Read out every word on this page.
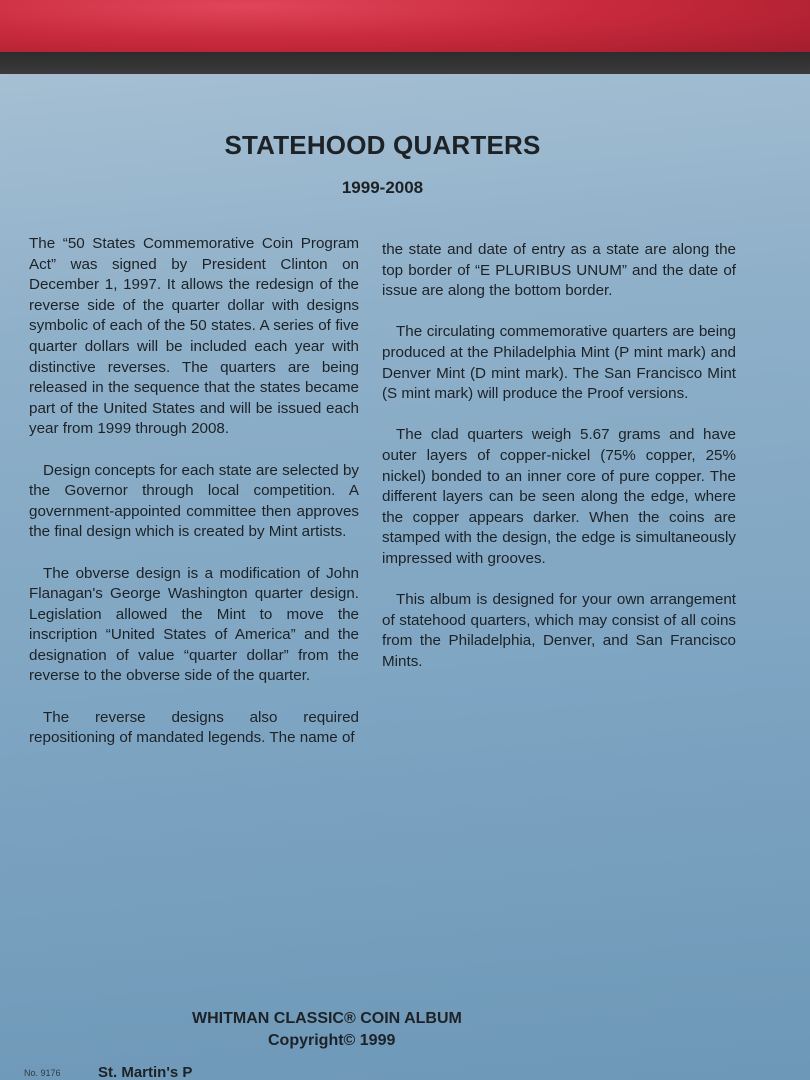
STATEHOOD QUARTERS
1999-2008

The “50 States Commemorative Coin Program Act” was signed by President Clinton on December 1, 1997. It allows the redesign of the reverse side of the quarter dollar with designs symbolic of each of the 50 states. A series of five quarter dollars will be included each year with distinctive reverses. The quarters are being released in the sequence that the states became part of the United States and will be issued each year from 1999 through 2008.

Design concepts for each state are selected by the Governor through local competition. A government-appointed committee then approves the final design which is created by Mint artists.

The obverse design is a modification of John Flanagan's George Washington quarter design. Legislation allowed the Mint to move the inscription “United States of America” and the designation of value “quarter dollar” from the reverse to the obverse side of the quarter.

The reverse designs also required repositioning of mandated legends. The name of

the state and date of entry as a state are along the top border of “E PLURIBUS UNUM” and the date of issue are along the bottom border.

The circulating commemorative quarters are being produced at the Philadelphia Mint (P mint mark) and Denver Mint (D mint mark). The San Francisco Mint (S mint mark) will produce the Proof versions.

The clad quarters weigh 5.67 grams and have outer layers of copper-nickel (75% copper, 25% nickel) bonded to an inner core of pure copper. The different layers can be seen along the edge, where the copper appears darker. When the coins are stamped with the design, the edge is simultaneously impressed with grooves.

This album is designed for your own arrangement of statehood quarters, which may consist of all coins from the Philadelphia, Denver, and San Francisco Mints.

WHITMAN CLASSIC® COIN ALBUM
Copyright© 1999
No. 9176 St. Martin's P
